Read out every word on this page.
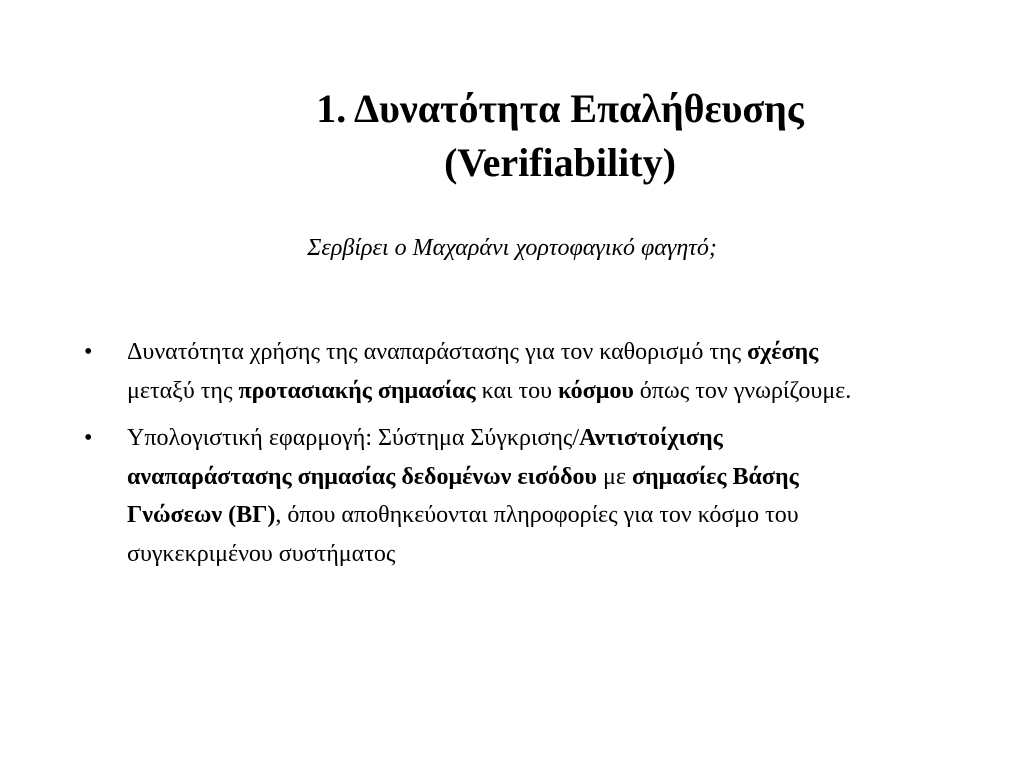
1. Δυνατότητα Επαλήθευσης
(Verifiability)
Σερβίρει ο Μαχαράνι χορτοφαγικό φαγητό;
•	Δυνατότητα χρήσης της αναπαράστασης για τον καθορισμό της σχέσης μεταξύ της προτασιακής σημασίας και του κόσμου όπως τον γνωρίζουμε.
•	Υπολογιστική εφαρμογή: Σύστημα Σύγκρισης/Αντιστοίχισης αναπαράστασης σημασίας δεδομένων εισόδου με σημασίες Βάσης Γνώσεων (ΒΓ), όπου αποθηκεύονται πληροφορίες για τον κόσμο του συγκεκριμένου συστήματος
